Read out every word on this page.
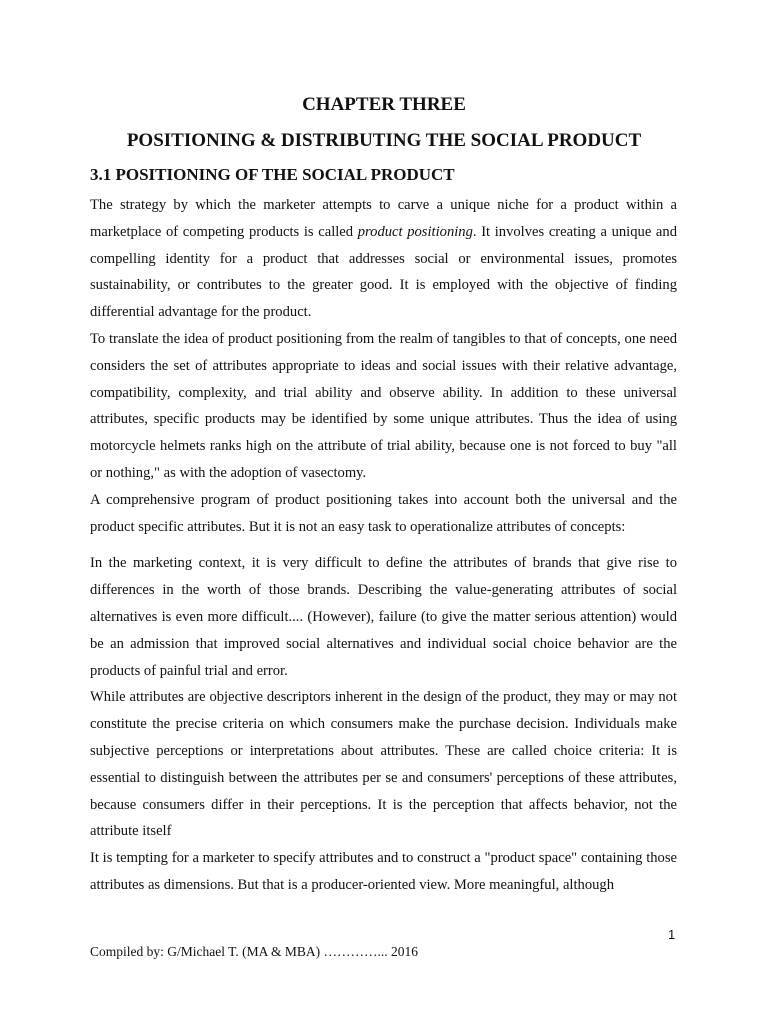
CHAPTER THREE
POSITIONING & DISTRIBUTING THE SOCIAL PRODUCT
3.1 POSITIONING OF THE SOCIAL PRODUCT

The strategy by which the marketer attempts to carve a unique niche for a product within a marketplace of competing products is called product positioning. It involves creating a unique and compelling identity for a product that addresses social or environmental issues, promotes sustainability, or contributes to the greater good. It is employed with the objective of finding differential advantage for the product.

To translate the idea of product positioning from the realm of tangibles to that of concepts, one need considers the set of attributes appropriate to ideas and social issues with their relative advantage, compatibility, complexity, and trial ability and observe ability. In addition to these universal attributes, specific products may be identified by some unique attributes. Thus the idea of using motorcycle helmets ranks high on the attribute of trial ability, because one is not forced to buy "all or nothing," as with the adoption of vasectomy.

A comprehensive program of product positioning takes into account both the universal and the product specific attributes. But it is not an easy task to operationalize attributes of concepts:

In the marketing context, it is very difficult to define the attributes of brands that give rise to differences in the worth of those brands. Describing the value-generating attributes of social alternatives is even more difficult.... (However), failure (to give the matter serious attention) would be an admission that improved social alternatives and individual social choice behavior are the products of painful trial and error.

While attributes are objective descriptors inherent in the design of the product, they may or may not constitute the precise criteria on which consumers make the purchase decision. Individuals make subjective perceptions or interpretations about attributes. These are called choice criteria: It is essential to distinguish between the attributes per se and consumers' perceptions of these attributes, because consumers differ in their perceptions. It is the perception that affects behavior, not the attribute itself

It is tempting for a marketer to specify attributes and to construct a "product space" containing those attributes as dimensions. But that is a producer-oriented view. More meaningful, although

1
Compiled by: G/Michael T. (MA & MBA) …………... 2016
